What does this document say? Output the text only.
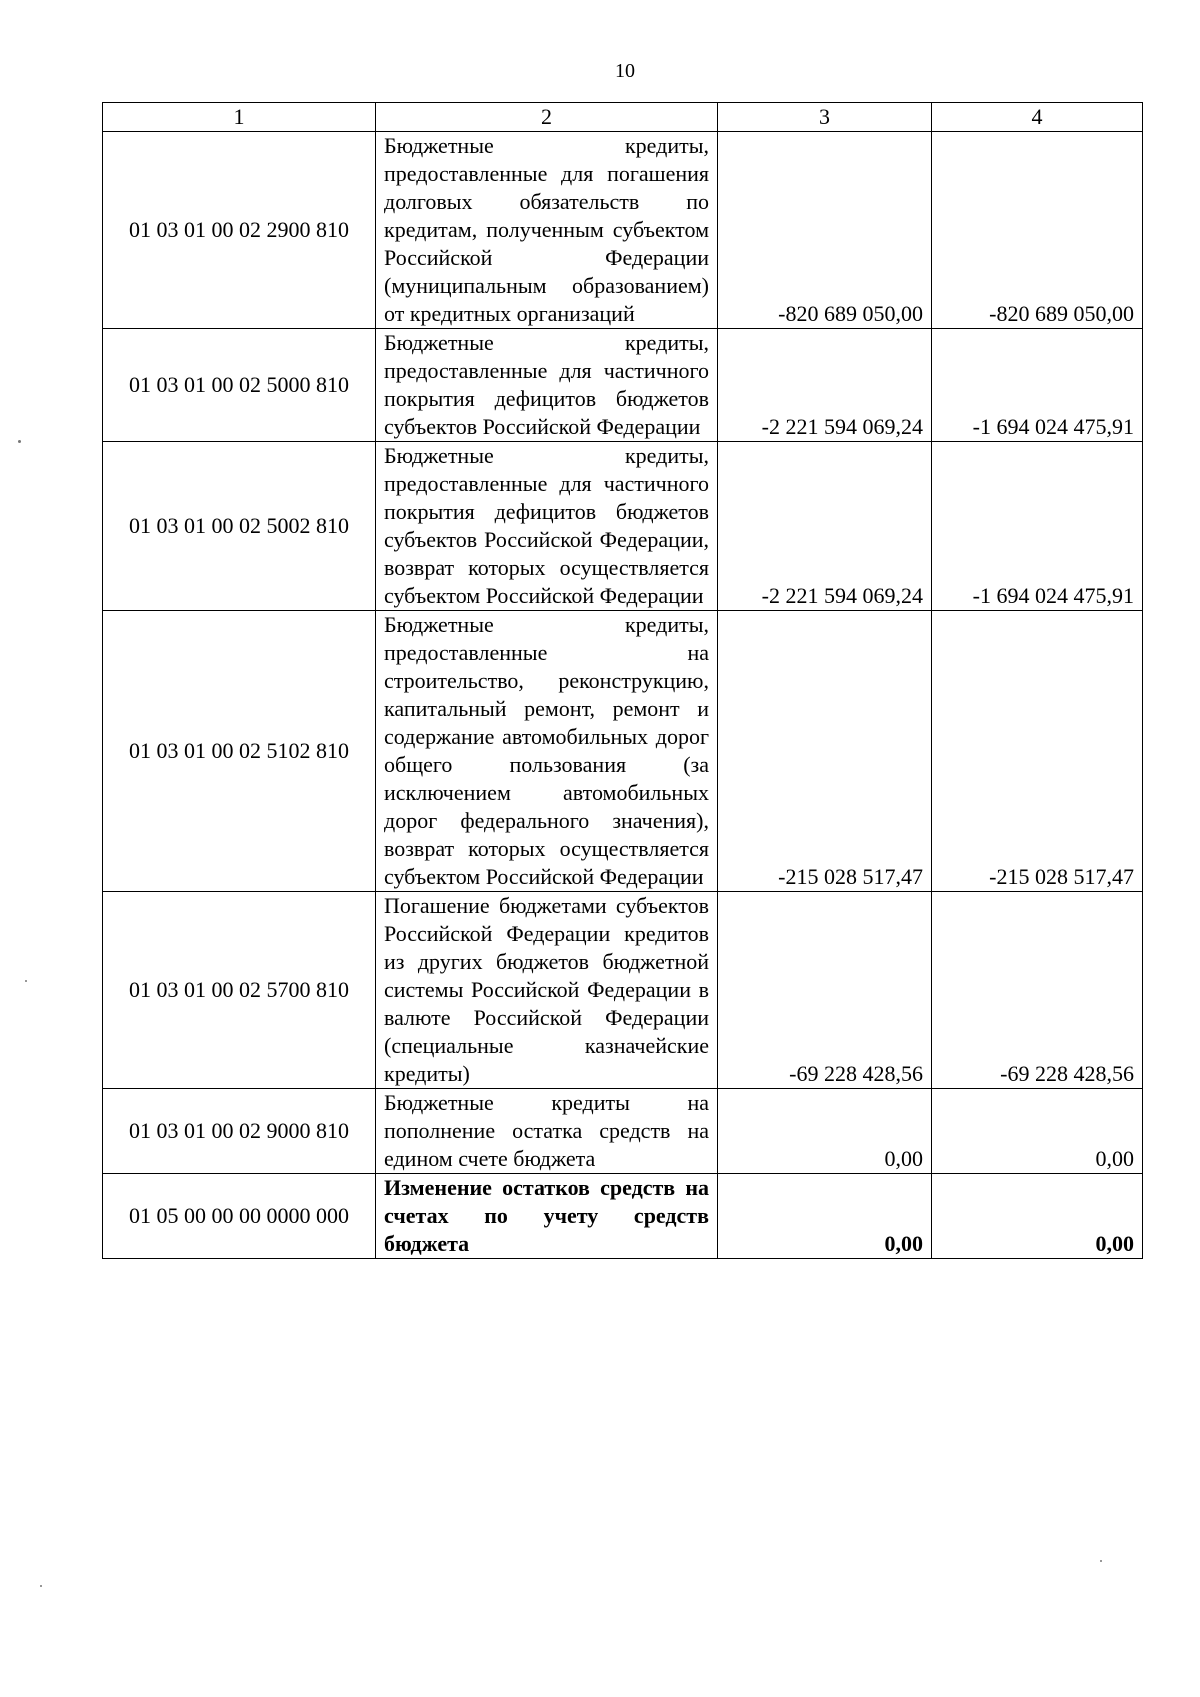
10
1	2	3	4
01 03 01 00 02 2900 810	Бюджетные кредиты, предоставленные для погашения долговых обязательств по кредитам, полученным субъектом Российской Федерации (муниципальным образованием) от кредитных организаций	-820 689 050,00	-820 689 050,00
01 03 01 00 02 5000 810	Бюджетные кредиты, предоставленные для частичного покрытия дефицитов бюджетов субъектов Российской Федерации	-2 221 594 069,24	-1 694 024 475,91
01 03 01 00 02 5002 810	Бюджетные кредиты, предоставленные для частичного покрытия дефицитов бюджетов субъектов Российской Федерации, возврат которых осуществляется субъектом Российской Федерации	-2 221 594 069,24	-1 694 024 475,91
01 03 01 00 02 5102 810	Бюджетные кредиты, предоставленные на строительство, реконструкцию, капитальный ремонт, ремонт и содержание автомобильных дорог общего пользования (за исключением автомобильных дорог федерального значения), возврат которых осуществляется субъектом Российской Федерации	-215 028 517,47	-215 028 517,47
01 03 01 00 02 5700 810	Погашение бюджетами субъектов Российской Федерации кредитов из других бюджетов бюджетной системы Российской Федерации в валюте Российской Федерации (специальные казначейские кредиты)	-69 228 428,56	-69 228 428,56
01 03 01 00 02 9000 810	Бюджетные кредиты на пополнение остатка средств на едином счете бюджета	0,00	0,00
01 05 00 00 00 0000 000	Изменение остатков средств на счетах по учету средств бюджета	0,00	0,00
